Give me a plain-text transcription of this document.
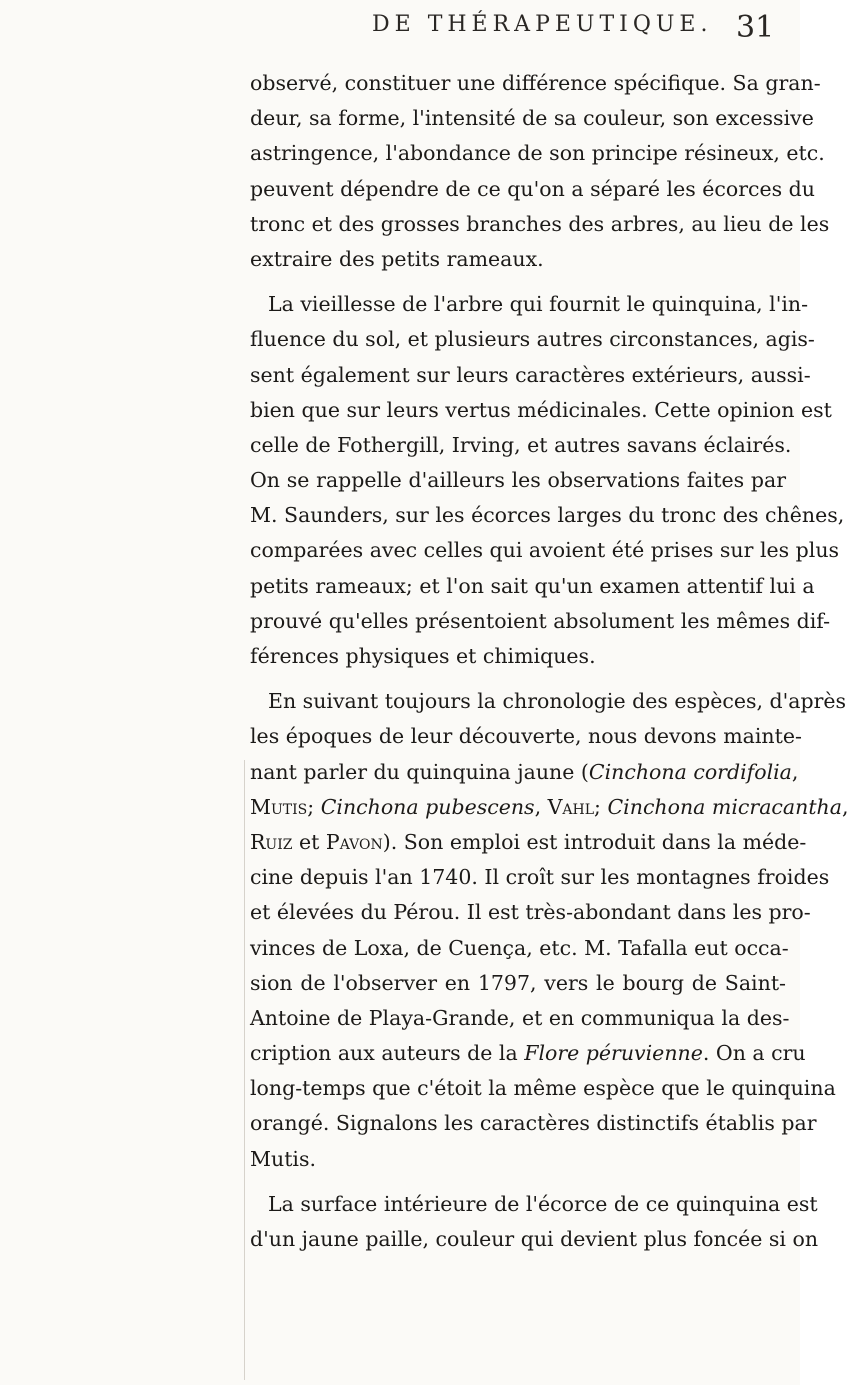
DE THÉRAPEUTIQUE. 31
observé, constituer une différence spécifique. Sa gran-
deur, sa forme, l'intensité de sa couleur, son excessive
astringence, l'abondance de son principe résineux, etc.
peuvent dépendre de ce qu'on a séparé les écorces du
tronc et des grosses branches des arbres, au lieu de les
extraire des petits rameaux.
La vieillesse de l'arbre qui fournit le quinquina, l'in-
fluence du sol, et plusieurs autres circonstances, agis-
sent également sur leurs caractères extérieurs, aussi-
bien que sur leurs vertus médicinales. Cette opinion est
celle de Fothergill, Irving, et autres savans éclairés.
On se rappelle d'ailleurs les observations faites par
M. Saunders, sur les écorces larges du tronc des chênes,
comparées avec celles qui avoient été prises sur les plus
petits rameaux; et l'on sait qu'un examen attentif lui a
prouvé qu'elles présentoient absolument les mêmes dif-
férences physiques et chimiques.
En suivant toujours la chronologie des espèces, d'après
les époques de leur découverte, nous devons mainte-
nant parler du quinquina jaune (Cinchona cordifolia,
Mutis; Cinchona pubescens, Vahl; Cinchona micracantha,
Ruiz et Pavon). Son emploi est introduit dans la méde-
cine depuis l'an 1740. Il croît sur les montagnes froides
et élevées du Pérou. Il est très-abondant dans les pro-
vinces de Loxa, de Cuença, etc. M. Tafalla eut occa-
sion de l'observer en 1797, vers le bourg de Saint-
Antoine de Playa-Grande, et en communiqua la des-
cription aux auteurs de la Flore péruvienne. On a cru
long-temps que c'étoit la même espèce que le quinquina
orangé. Signalons les caractères distinctifs établis par
Mutis.
La surface intérieure de l'écorce de ce quinquina est
d'un jaune paille, couleur qui devient plus foncée si on
